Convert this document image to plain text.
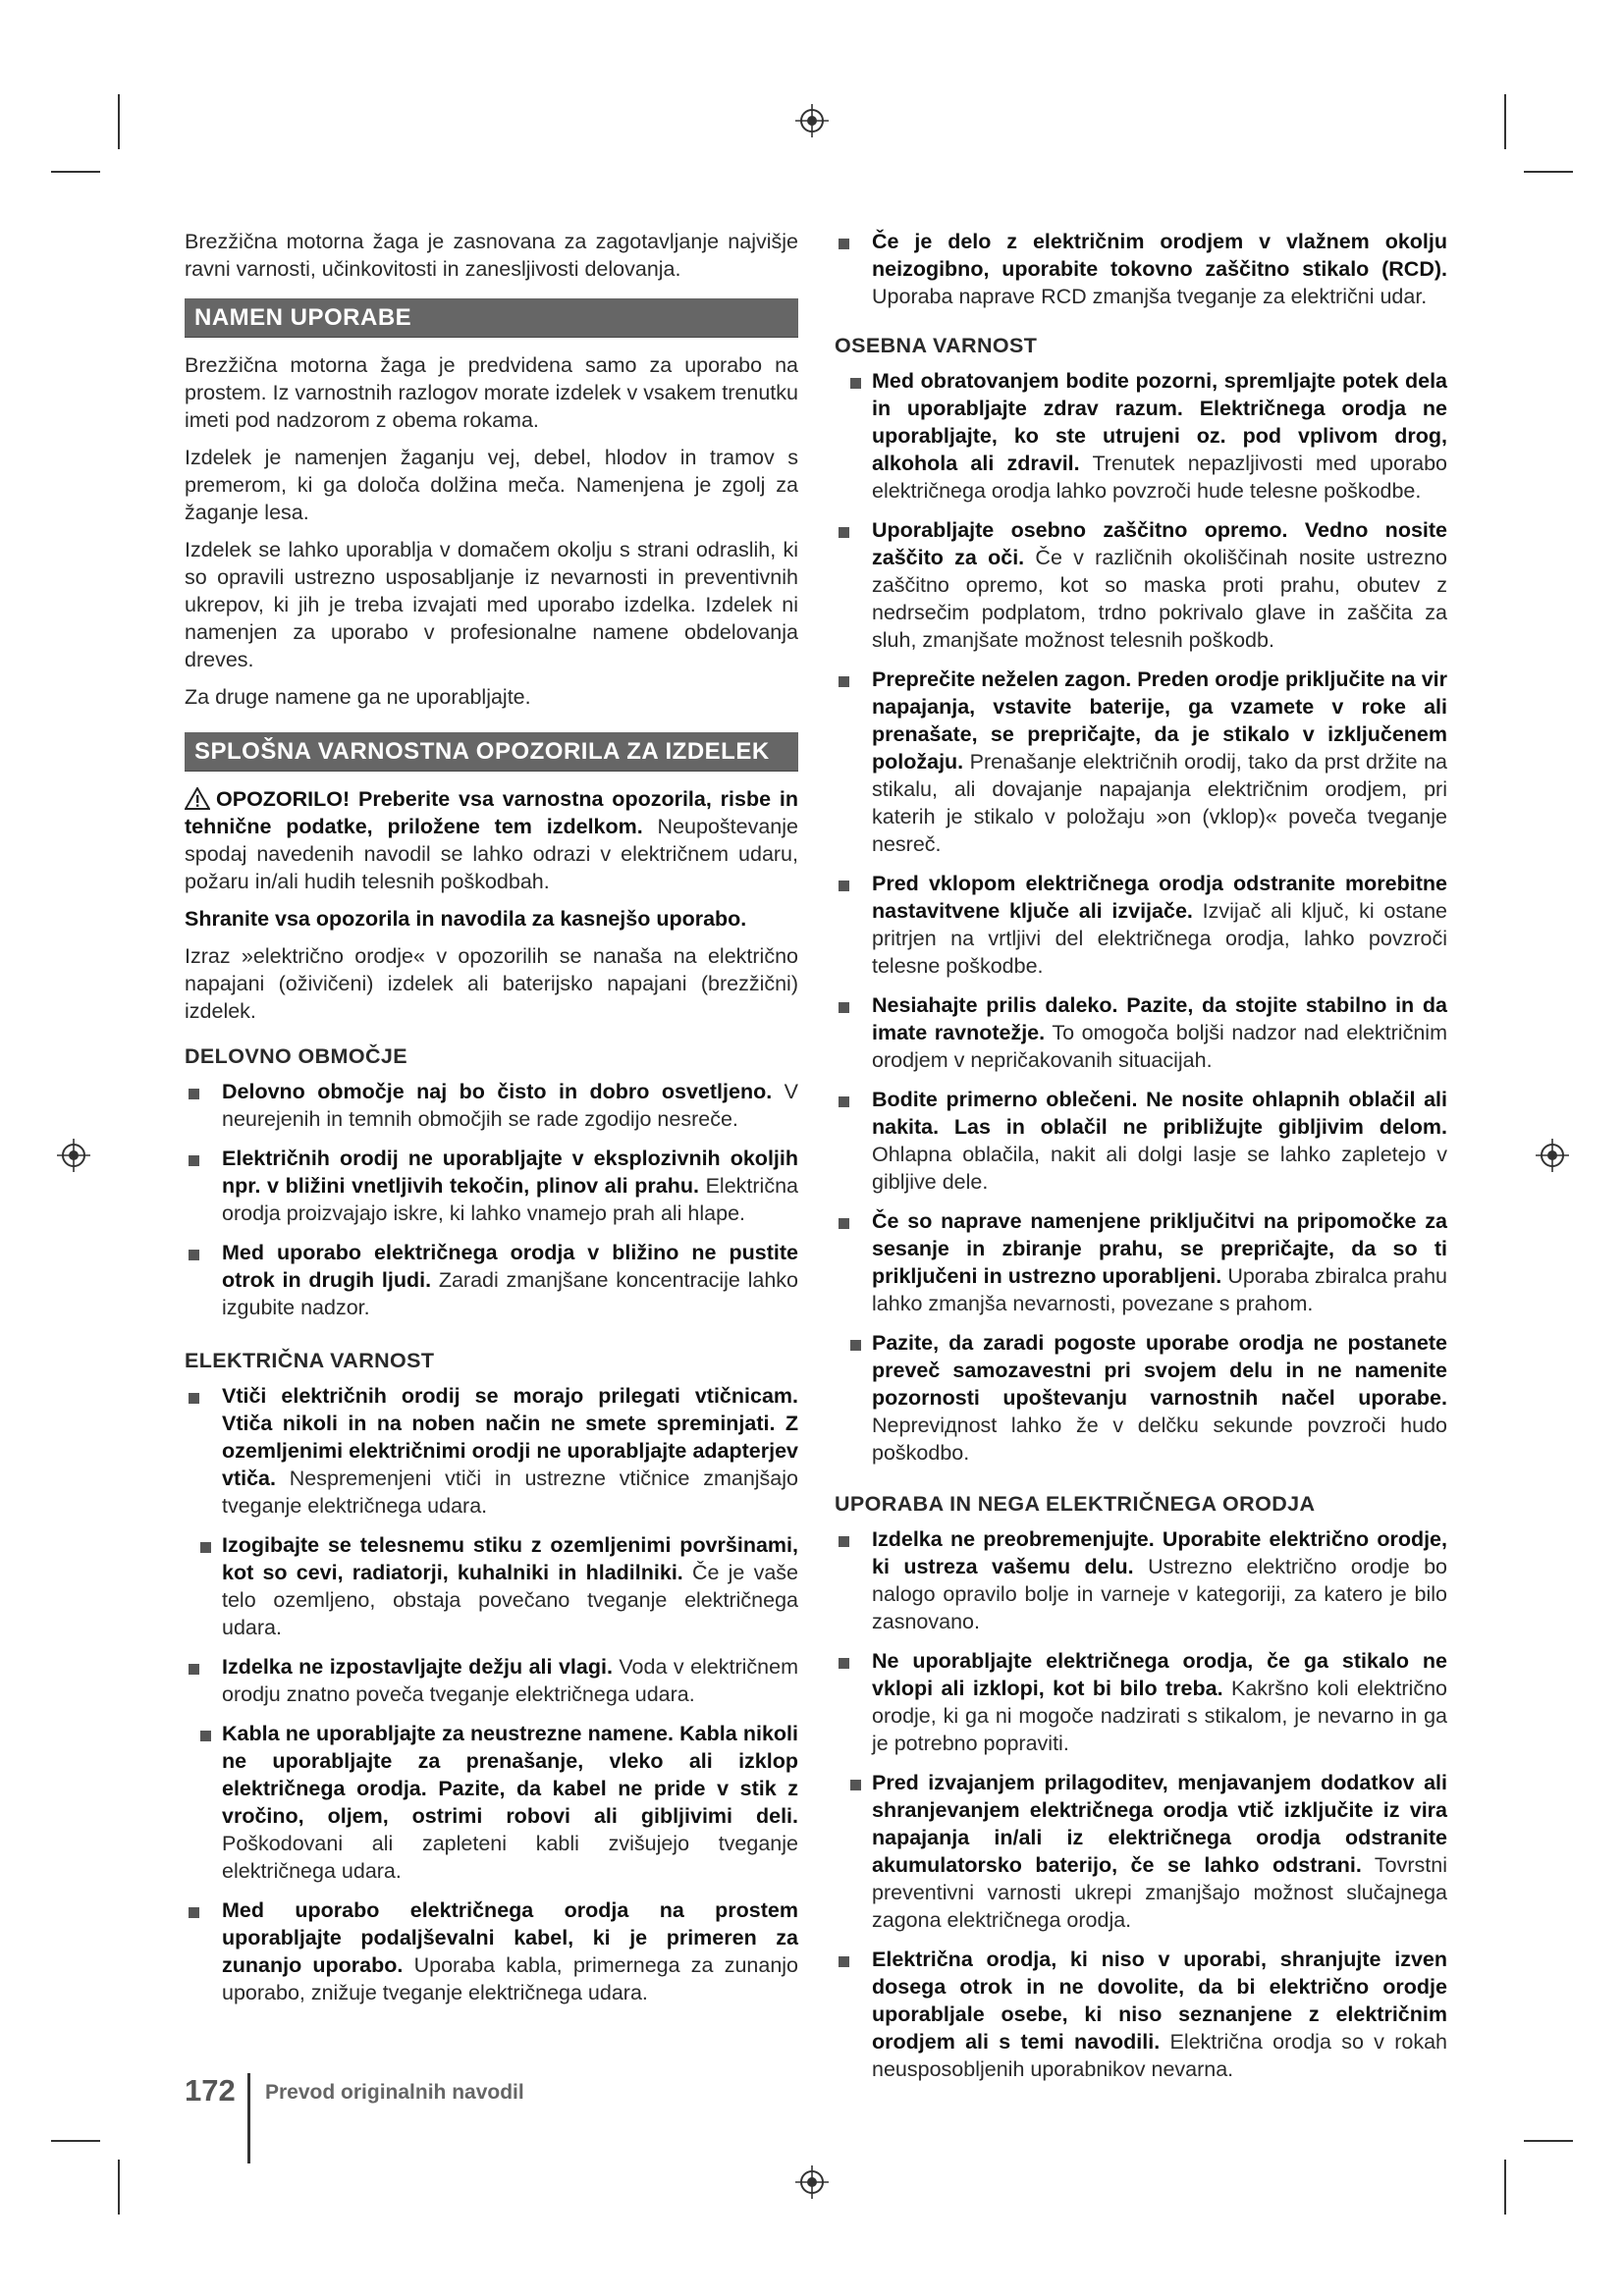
Brezžična motorna žaga je zasnovana za zagotavljanje najvišje ravni varnosti, učinkovitosti in zanesljivosti delovanja.

NAMEN UPORABE

Brezžična motorna žaga je predvidena samo za uporabo na prostem. Iz varnostnih razlogov morate izdelek v vsakem trenutku imeti pod nadzorom z obema rokama.

Izdelek je namenjen žaganju vej, debel, hlodov in tramov s premerom, ki ga določa dolžina meča. Namenjena je zgolj za žaganje lesa.

Izdelek se lahko uporablja v domačem okolju s strani odraslih, ki so opravili ustrezno usposabljanje iz nevarnosti in preventivnih ukrepov, ki jih je treba izvajati med uporabo izdelka. Izdelek ni namenjen za uporabo v profesionalne namene obdelovanja dreves.

Za druge namene ga ne uporabljajte.

SPLOŠNA VARNOSTNA OPOZORILA ZA IZDELEK

OPOZORILO! Preberite vsa varnostna opozorila, risbe in tehnične podatke, priložene tem izdelkom. Neupoštevanje spodaj navedenih navodil se lahko odrazi v električnem udaru, požaru in/ali hudih telesnih poškodbah.

Shranite vsa opozorila in navodila za kasnejšo uporabo.

Izraz »električno orodje« v opozorilih se nanaša na električno napajani (oživičeni) izdelek ali baterijsko napajani (brezžični) izdelek.

DELOVNO OBMOČJE
Delovno območje naj bo čisto in dobro osvetljeno. V neurejenih in temnih območjih se rade zgodijo nesreče.
Električnih orodij ne uporabljajte v eksplozivnih okoljih npr. v bližini vnetljivih tekočin, plinov ali prahu. Električna orodja proizvajajo iskre, ki lahko vnamejo prah ali hlape.
Med uporabo električnega orodja v bližino ne pustite otrok in drugih ljudi. Zaradi zmanjšane koncentracije lahko izgubite nadzor.
ELEKTRIČNA VARNOST
Vtiči električnih orodij se morajo prilegati vtičnicam. Vtiča nikoli in na noben način ne smete spreminjati. Z ozemljenimi električnimi orodji ne uporabljajte adapterjev vtiča. Nespremenjeni vtiči in ustrezne vtičnice zmanjšajo tveganje električnega udara.
Izogibajte se telesnemu stiku z ozemljenimi površinami, kot so cevi, radiatorji, kuhalniki in hladilniki. Če je vaše telo ozemljeno, obstaja povečano tveganje električnega udara.
Izdelka ne izpostavljajte dežju ali vlagi. Voda v električnem orodju znatno poveča tveganje električnega udara.
Kabla ne uporabljajte za neustrezne namene. Kabla nikoli ne uporabljajte za prenašanje, vleko ali izklop električnega orodja. Pazite, da kabel ne pride v stik z vročino, oljem, ostrimi robovi ali gibljivimi deli. Poškodovani ali zapleteni kabli zvišujejo tveganje električnega udara.
Med uporabo električnega orodja na prostem uporabljajte podaljševalni kabel, ki je primeren za zunanjo uporabo. Uporaba kabla, primernega za zunanjo uporabo, znižuje tveganje električnega udara.
Če je delo z električnim orodjem v vlažnem okolju neizogibno, uporabite tokovno zaščitno stikalo (RCD). Uporaba naprave RCD zmanjša tveganje za električni udar.
OSEBNA VARNOST
Med obratovanjem bodite pozorni, spremljajte potek dela in uporabljajte zdrav razum. Električnega orodja ne uporabljajte, ko ste utrujeni oz. pod vplivom drog, alkohola ali zdravil. Trenutek nepazljivosti med uporabo električnega orodja lahko povzroči hude telesne poškodbe.
Uporabljajte osebno zaščitno opremo. Vedno nosite zaščito za oči. Če v različnih okoliščinah nosite ustrezno zaščitno opremo, kot so maska proti prahu, obutev z nedrsečim podplatom, trdno pokrivalo glave in zaščita za sluh, zmanjšate možnost telesnih poškodb.
Preprečite neželen zagon. Preden orodje priključite na vir napajanja, vstavite baterije, ga vzamete v roke ali prenašate, se prepričajte, da je stikalo v izključenem položaju. Prenašanje električnih orodij, tako da prst držite na stikalu, ali dovajanje napajanja električnim orodjem, pri katerih je stikalo v položaju »on (vklop)« poveča tveganje nesreč.
Pred vklopom električnega orodja odstranite morebitne nastavitvene ključe ali izvijače. Izvijač ali ključ, ki ostane pritrjen na vrtljivi del električnega orodja, lahko povzroči telesne poškodbe.
Nesiahajte prilis daleko. Pazite, da stojite stabilno in da imate ravnotežje. To omogoča boljši nadzor nad električnim orodjem v nepričakovanih situacijah.
Bodite primerno oblečeni. Ne nosite ohlapnih oblačil ali nakita. Las in oblačil ne približujte gibljivim delom. Ohlapna oblačila, nakit ali dolgi lasje se lahko zapletejo v gibljive dele.
Če so naprave namenjene priključitvi na pripomočke za sesanje in zbiranje prahu, se prepričajte, da so ti priključeni in ustrezno uporabljeni. Uporaba zbiralca prahu lahko zmanjša nevarnosti, povezane s prahom.
Pazite, da zaradi pogoste uporabe orodja ne postanete preveč samozavestni pri svojem delu in ne namenite pozornosti upoštevanju varnostnih načel uporabe. Nepreviдnost lahko že v delčku sekunde povzroči hudo poškodbo.
UPORABA IN NEGA ELEKTRIČNEGA ORODJA
Izdelka ne preobremenjujte. Uporabite električno orodje, ki ustreza vašemu delu. Ustrezno električno orodje bo nalogo opravilo bolje in varneje v kategoriji, za katero je bilo zasnovano.
Ne uporabljajte električnega orodja, če ga stikalo ne vklopi ali izklopi, kot bi bilo treba. Kakršno koli električno orodje, ki ga ni mogoče nadzirati s stikalom, je nevarno in ga je potrebno popraviti.
Pred izvajanjem prilagoditev, menjavanjem dodatkov ali shranjevanjem električnega orodja vtič izključite iz vira napajanja in/ali iz električnega orodja odstranite akumulatorsko baterijo, če se lahko odstrani. Tovrstni preventivni varnosti ukrepi zmanjšajo možnost slučajnega zagona električnega orodja.
Električna orodja, ki niso v uporabi, shranjujte izven dosega otrok in ne dovolite, da bi električno orodje uporabljale osebe, ki niso seznanjene z električnim orodjem ali s temi navodili. Električna orodja so v rokah neusposobljenih uporabnikov nevarna.
172 Prevod originalnih navodil
